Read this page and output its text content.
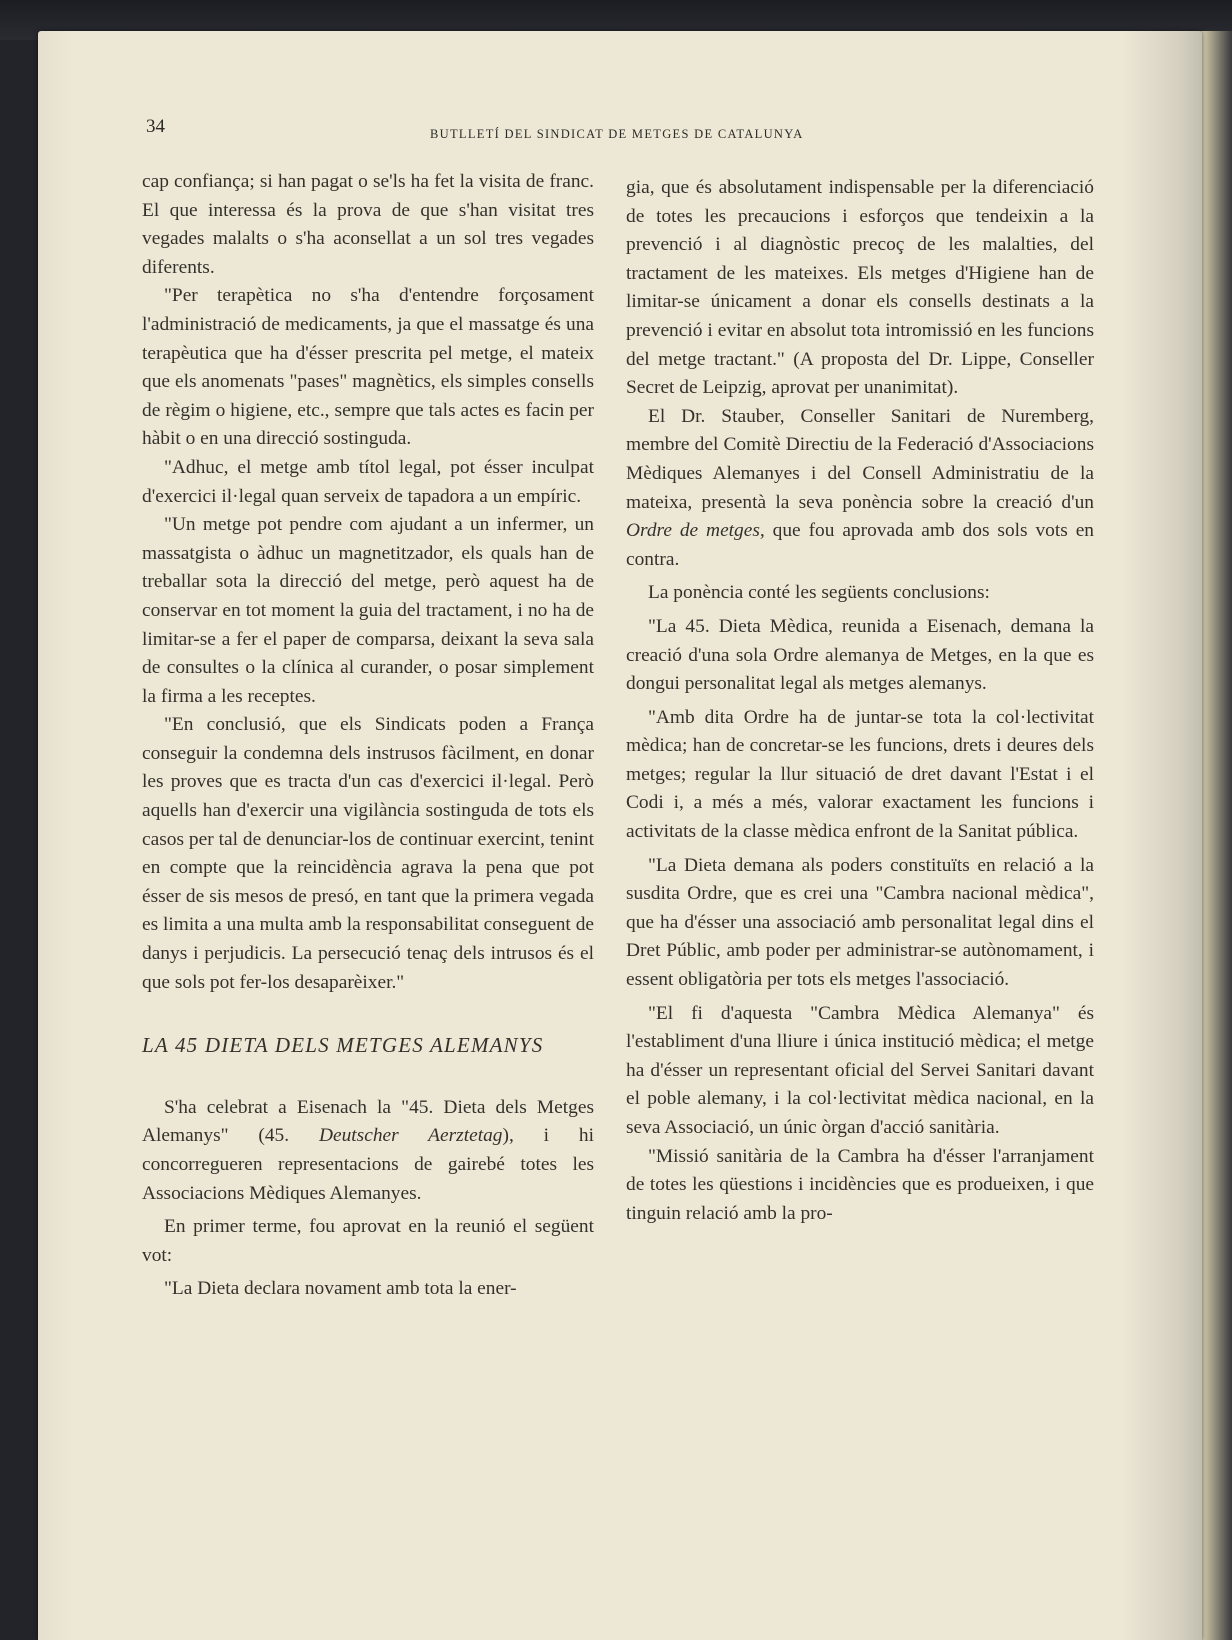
34	BUTLLETÍ DEL SINDICAT DE METGES DE CATALUNYA

cap confiança; si han pagat o se'ls ha fet la visita de franc. El que interessa és la prova de que s'han visitat tres vegades malalts o s'ha aconsellat a un sol tres vegades diferents.

"Per terapètica no s'ha d'entendre forçosament l'administració de medicaments, ja que el massatge és una terapèutica que ha d'ésser prescrita pel metge, el mateix que els anomenats "pases" magnètics, els simples consells de règim o higiene, etc., sempre que tals actes es facin per hàbit o en una direcció sostinguda.

"Adhuc, el metge amb títol legal, pot ésser inculpat d'exercici il·legal quan serveix de tapadora a un empíric.

"Un metge pot pendre com ajudant a un infermer, un massatgista o àdhuc un magnetitzador, els quals han de treballar sota la direcció del metge, però aquest ha de conservar en tot moment la guia del tractament, i no ha de limitar-se a fer el paper de comparsa, deixant la seva sala de consultes o la clínica al curander, o posar simplement la firma a les receptes.

"En conclusió, que els Sindicats poden a França conseguir la condemna dels instrusos fàcilment, en donar les proves que es tracta d'un cas d'exercici il·legal. Però aquells han d'exercir una vigilància sostinguda de tots els casos per tal de denunciar-los de continuar exercint, tenint en compte que la reincidència agrava la pena que pot ésser de sis mesos de presó, en tant que la primera vegada es limita a una multa amb la responsabilitat conseguent de danys i perjudicis. La persecució tenaç dels intrusos és el que sols pot fer-los desaparèixer."

LA 45 DIETA DELS METGES ALEMANYS

S'ha celebrat a Eisenach la "45. Dieta dels Metges Alemanys" (45. Deutscher Aerztetag), i hi concorregueren representacions de gairebé totes les Associacions Mèdiques Alemanyes.

En primer terme, fou aprovat en la reunió el següent vot:

"La Dieta declara novament amb tota la ener-

gia, que és absolutament indispensable per la diferenciació de totes les precaucions i esforços que tendeixin a la prevenció i al diagnòstic precoç de les malalties, del tractament de les mateixes. Els metges d'Higiene han de limitar-se únicament a donar els consells destinats a la prevenció i evitar en absolut tota intromissió en les funcions del metge tractant." (A proposta del Dr. Lippe, Conseller Secret de Leipzig, aprovat per unanimitat).

El Dr. Stauber, Conseller Sanitari de Nuremberg, membre del Comitè Directiu de la Federació d'Associacions Mèdiques Alemanyes i del Consell Administratiu de la mateixa, presentà la seva ponència sobre la creació d'un Ordre de metges, que fou aprovada amb dos sols vots en contra.

La ponència conté les següents conclusions:

"La 45. Dieta Mèdica, reunida a Eisenach, demana la creació d'una sola Ordre alemanya de Metges, en la que es dongui personalitat legal als metges alemanys.

"Amb dita Ordre ha de juntar-se tota la col·lectivitat mèdica; han de concretar-se les funcions, drets i deures dels metges; regular la llur situació de dret davant l'Estat i el Codi i, a més a més, valorar exactament les funcions i activitats de la classe mèdica enfront de la Sanitat pública.

"La Dieta demana als poders constituïts en relació a la susdita Ordre, que es crei una "Cambra nacional mèdica", que ha d'ésser una associació amb personalitat legal dins el Dret Públic, amb poder per administrar-se autònomament, i essent obligatòria per tots els metges l'associació.

"El fi d'aquesta "Cambra Mèdica Alemanya" és l'establiment d'una lliure i única institució mèdica; el metge ha d'ésser un representant oficial del Servei Sanitari davant el poble alemany, i la col·lectivitat mèdica nacional, en la seva Associació, un únic òrgan d'acció sanitària.

"Missió sanitària de la Cambra ha d'ésser l'arranjament de totes les qüestions i incidències que es produeixen, i que tinguin relació amb la pro-
